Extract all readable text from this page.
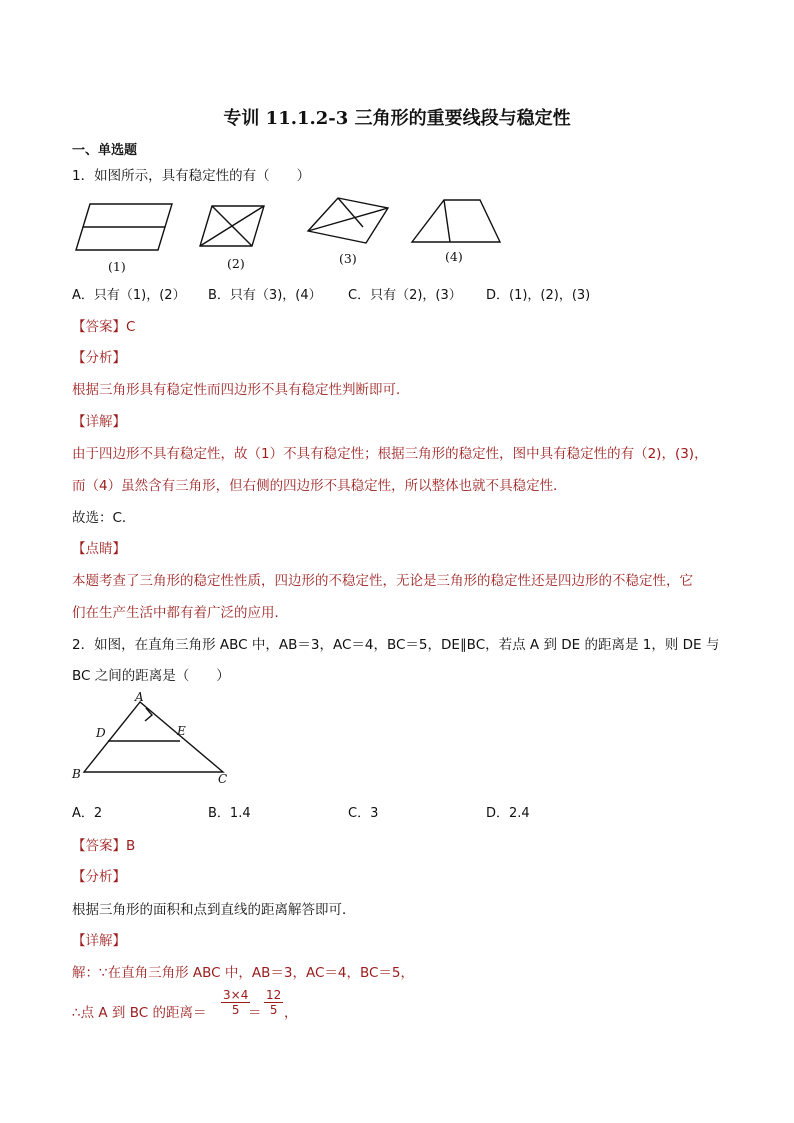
专训 11.1.2-3 三角形的重要线段与稳定性
一、单选题
1．如图所示，具有稳定性的有（　　）
(1)	(2)	(3)	(4)
A．只有（1)，(2） B．只有（3)，(4） C．只有（2)，(3） D．(1)，(2)，(3)
【答案】C
【分析】
根据三角形具有稳定性而四边形不具有稳定性判断即可．
【详解】
由于四边形不具有稳定性，故（1）不具有稳定性；根据三角形的稳定性，图中具有稳定性的有（2)，(3)，
而（4）虽然含有三角形，但右侧的四边形不具稳定性，所以整体也就不具稳定性．
故选：C．
【点睛】
本题考查了三角形的稳定性性质，四边形的不稳定性，无论是三角形的稳定性还是四边形的不稳定性，它
们在生产生活中都有着广泛的应用．
2．如图，在直角三角形 ABC 中，AB＝3，AC＝4，BC＝5，DE∥BC，若点 A 到 DE 的距离是 1，则 DE 与
BC 之间的距离是（　　）
A
D	E
B	C
A．2	B．1.4	C．3	D．2.4
【答案】B
【分析】
根据三角形的面积和点到直线的距离解答即可．
【详解】
解：∵在直角三角形 ABC 中，AB＝3，AC＝4，BC＝5，
∴点 A 到 BC 的距离＝ $\frac{3\times 4}{5}$
＝ $\frac{12}{5}$ ，
